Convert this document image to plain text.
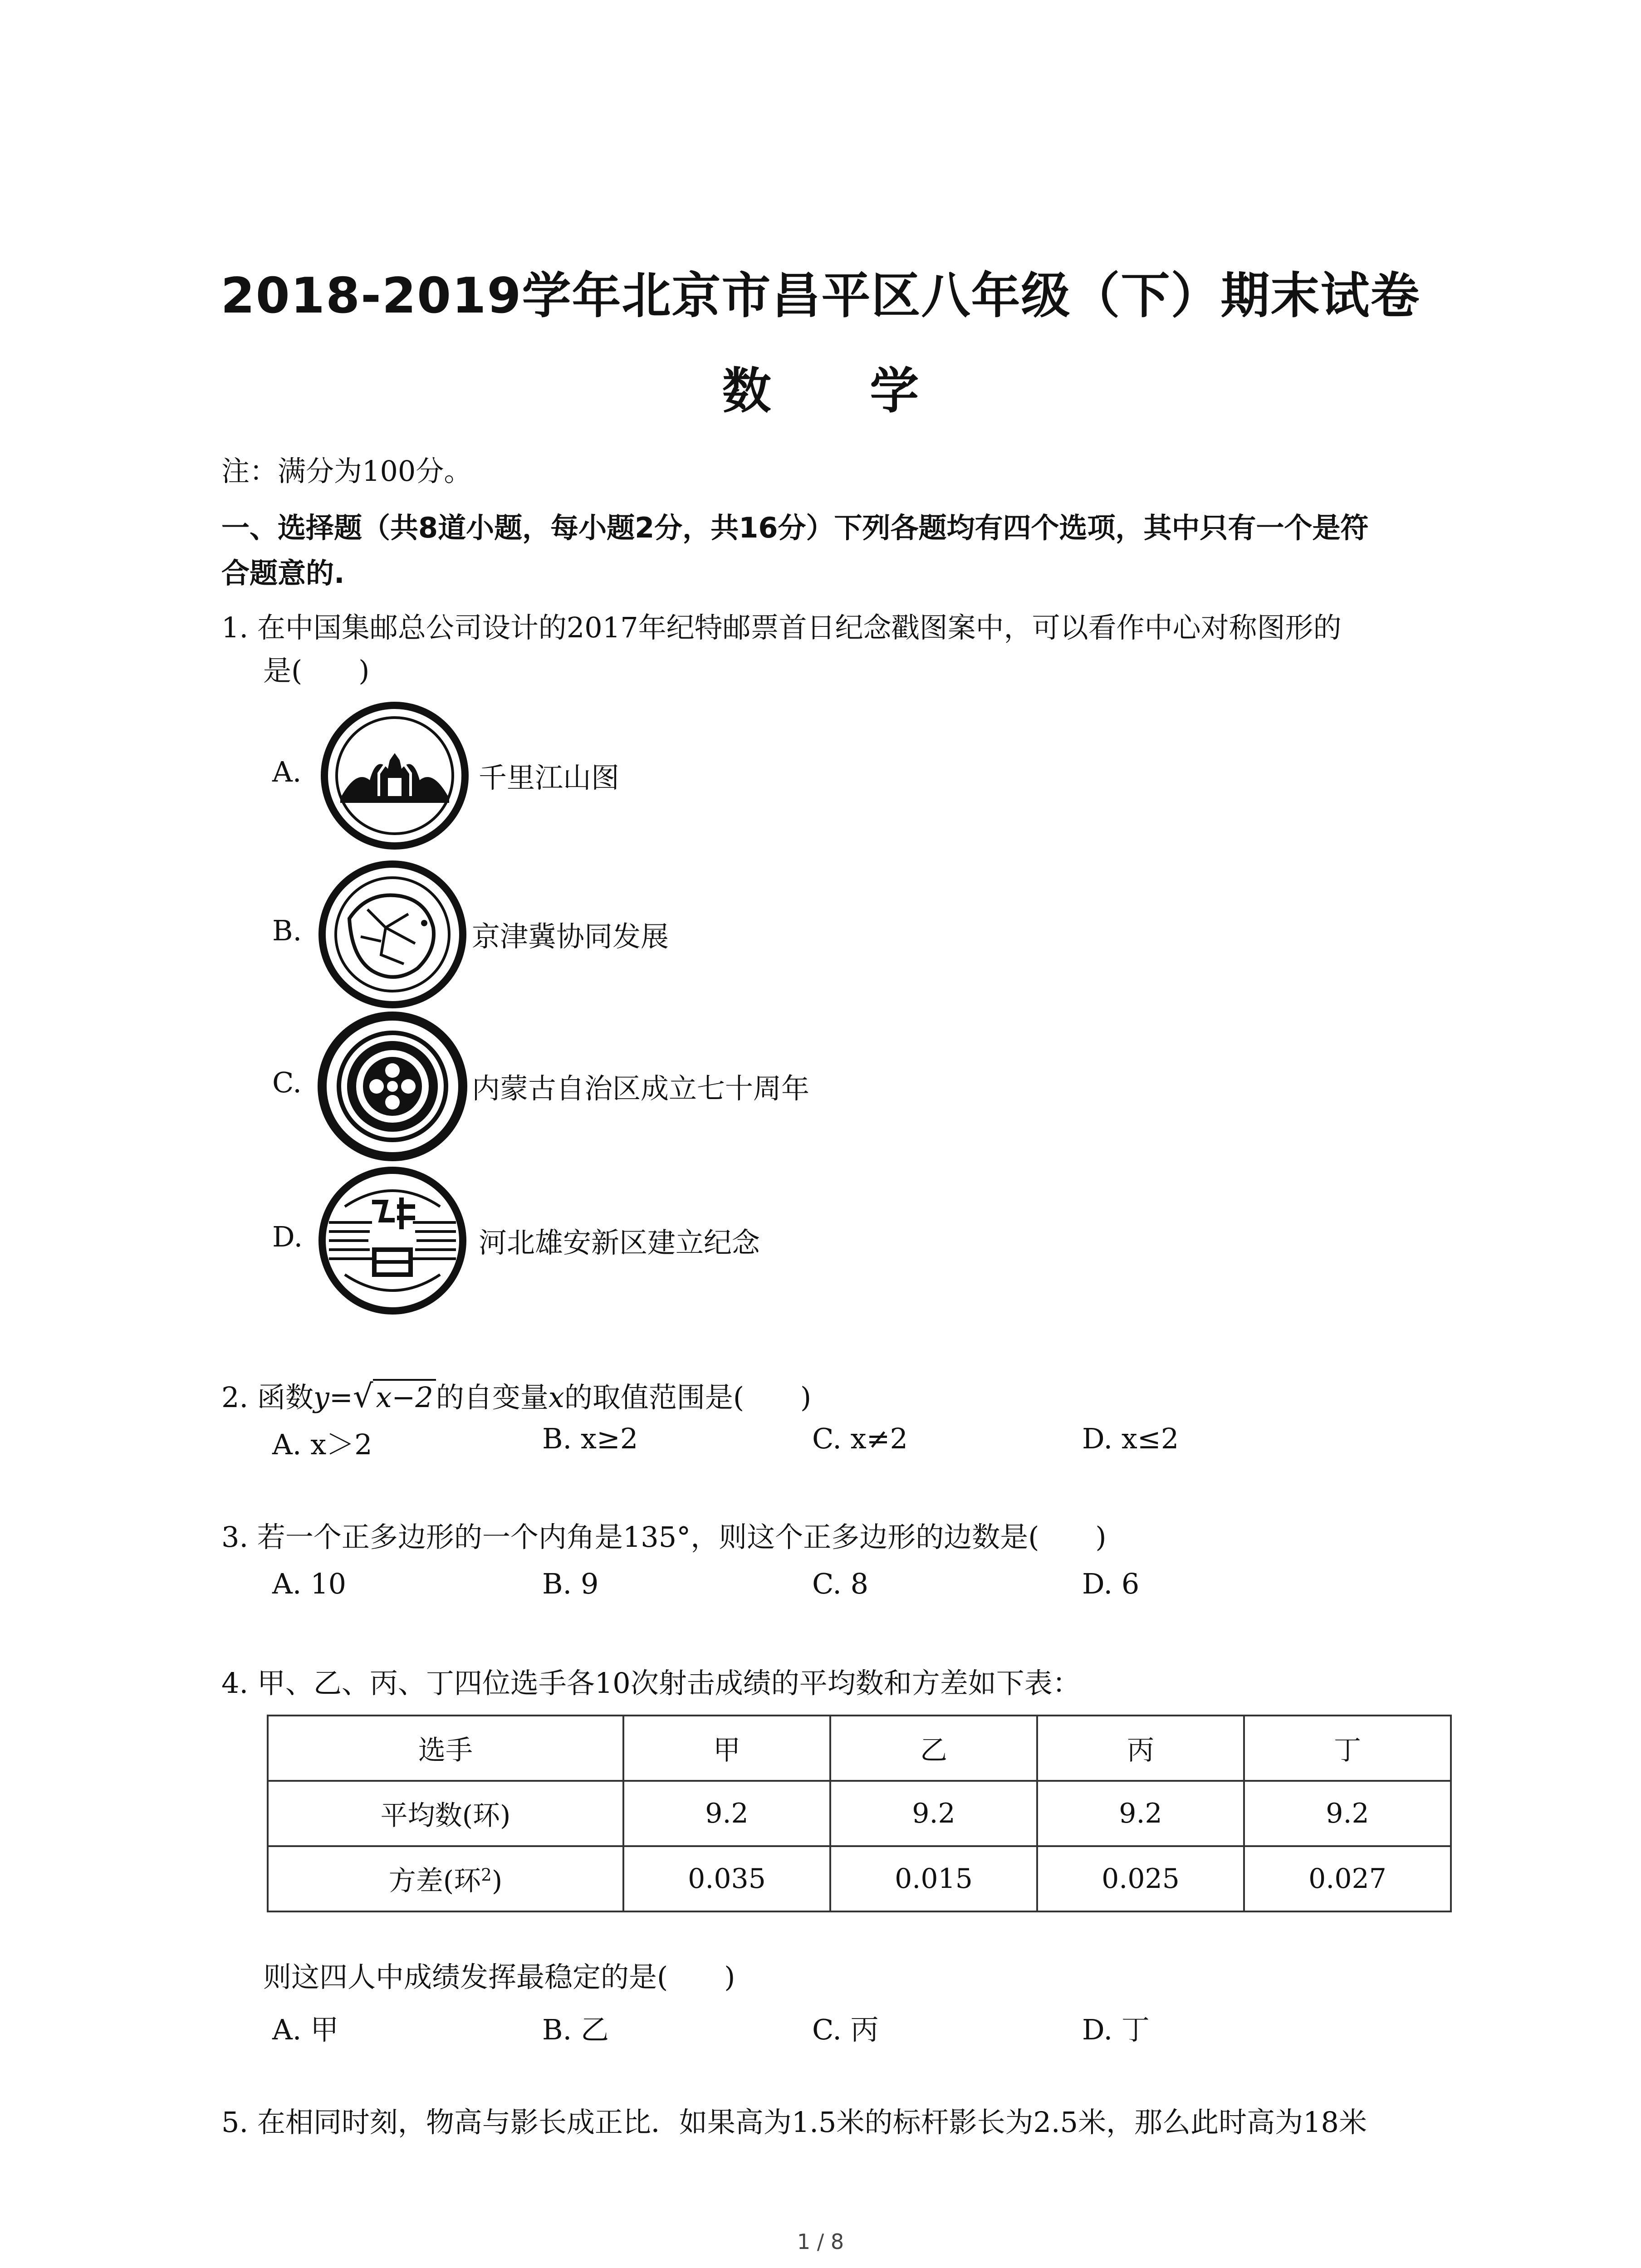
2018-2019学年北京市昌平区八年级（下）期末试卷
数 学
注：满分为100分。
一、选择题（共8道小题，每小题2分，共16分）下列各题均有四个选项，其中只有一个是符
合题意的.
1. 在中国集邮总公司设计的2017年纪特邮票首日纪念戳图案中，可以看作中心对称图形的
是(　　)
A.	千里江山图
B.	京津冀协同发展
C.	内蒙古自治区成立七十周年
D.	河北雄安新区建立纪念
2. 函数y=√x−2的自变量x的取值范围是(　　)
A. x＞2	B. x≥2	C. x≠2	D. x≤2
3. 若一个正多边形的一个内角是135°，则这个正多边形的边数是(　　)
A. 10	B. 9	C. 8	D. 6
4. 甲、乙、丙、丁四位选手各10次射击成绩的平均数和方差如下表：
选手	甲	乙	丙	丁
平均数(环)	9.2	9.2	9.2	9.2
方差(环$^2$)	0.035	0.015	0.025	0.027
则这四人中成绩发挥最稳定的是(　　)
A. 甲	B. 乙	C. 丙	D. 丁
5. 在相同时刻，物高与影长成正比．如果高为1.5米的标杆影长为2.5米，那么此时高为18米
1 / 8
